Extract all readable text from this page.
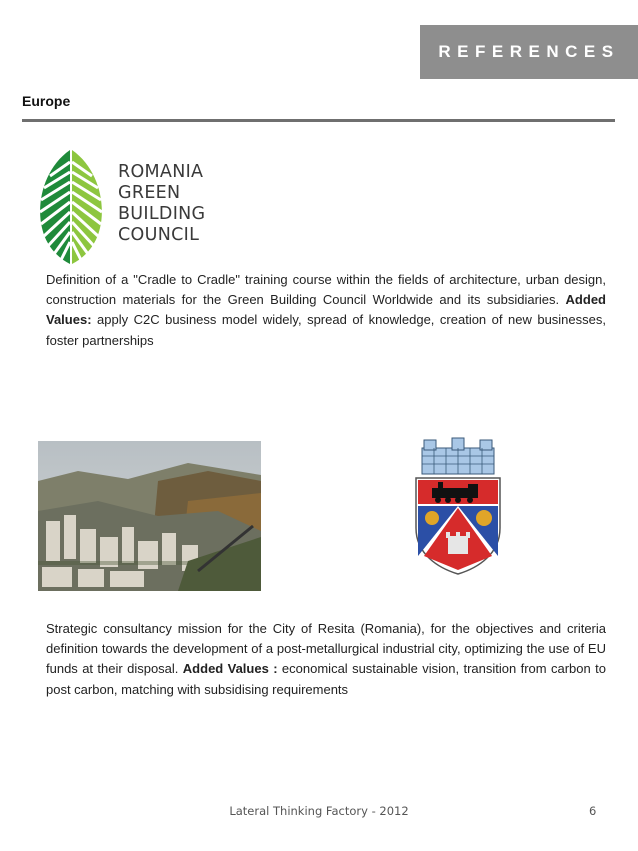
REFERENCES
Europe
ROMANIA
GREEN
BUILDING
COUNCIL
Definition of a "Cradle to Cradle" training course within the fields of architecture, urban design, construction materials for the Green Building Council Worldwide and its subsidiaries. Added Values: apply C2C business model widely, spread of knowledge, creation of new businesses, foster partnerships
Strategic consultancy mission for the City of Resita (Romania), for the objectives and criteria definition towards the development of a post-metallurgical industrial city, optimizing the use of EU funds at their disposal. Added Values : economical sustainable vision, transition from carbon to post carbon, matching with subsidising requirements
Lateral Thinking Factory - 2012	6
